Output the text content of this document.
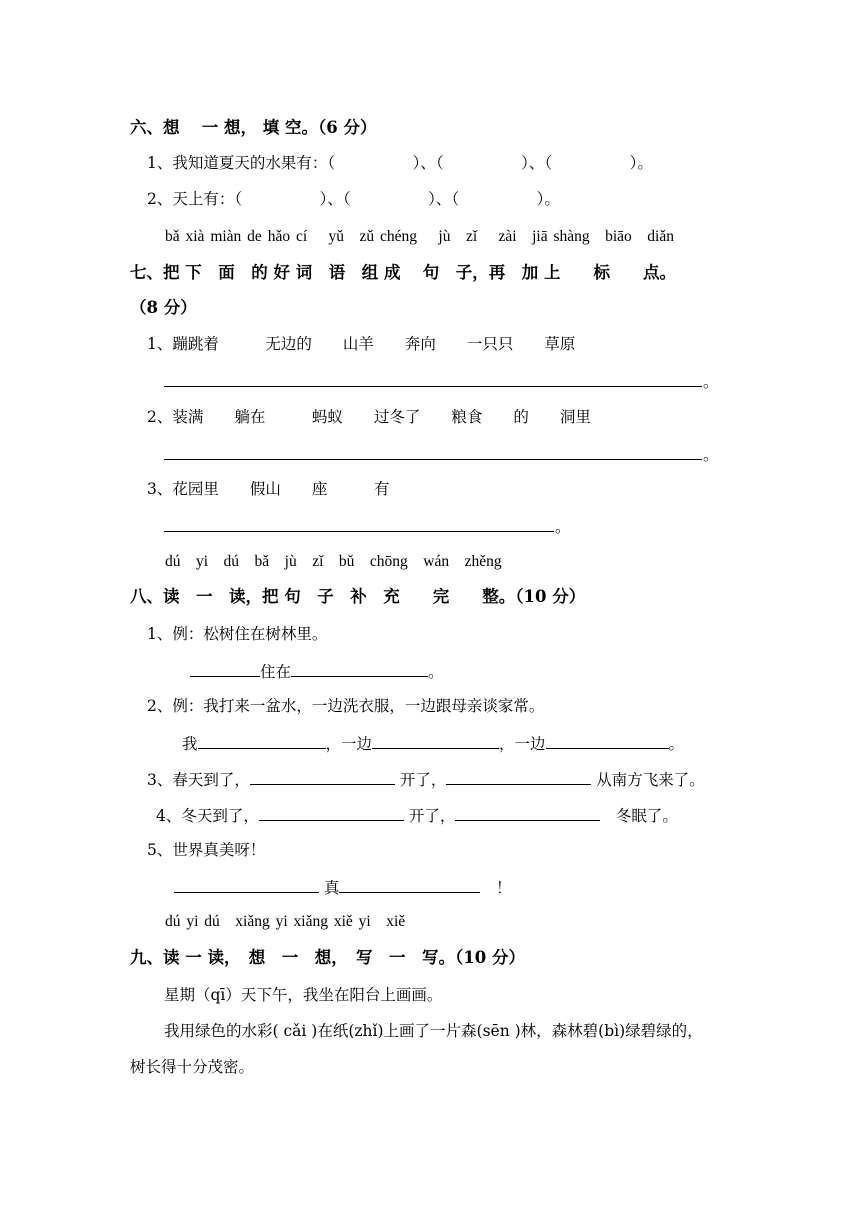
六、想　 一 想， 填 空。（6 分）
1、我知道夏天的水果有：（　　　　　）、（　　　　　）、（　　　　　）。
2、天上有：（　　　　　）、（　　　　　）、（　　　　　）。
bǎ xià miàn de hǎo cí　 yǔ　zǔ chéng　 jù　zǐ　 zài　jiā shàng　biāo　diǎn
七、把 下　面　的 好 词　语　组 成　 句　子，再　加 上　　标　　点。
（8 分）
1、蹦跳着　　　无边的　　山羊　　奔向　　一只只　　草原
。
2、装满　　躺在　　　蚂蚁　　过冬了　　粮食　　的　　洞里
。
3、花园里　　假山　　座　　　有
。
dú　yi　dú　bǎ　jù　zǐ　bǔ　chōng　wán　zhěng
八、读　一　读，把 句　子　补　充　　完　　整。（10 分）
1、例：松树住在树林里。
住在	。
2、例：我打来一盆水，一边洗衣服，一边跟母亲谈家常。
我	，一边	，一边	。
3、春天到了，	开了，	从南方飞来了。
4、冬天到了，	开了，　	冬眠了。
5、世界真美呀！
真　	！
dú yi dú　xiǎng yi xiǎng xiě yi　xiě
九、读 一 读，　想　一　想，　写　一　写。（10 分）
星期（qī）天下午，我坐在阳台上画画。
我用绿色的水彩( cǎi )在纸(zhǐ)上画了一片森(sēn )林，森林碧(bì)绿碧绿的，
树长得十分茂密。
